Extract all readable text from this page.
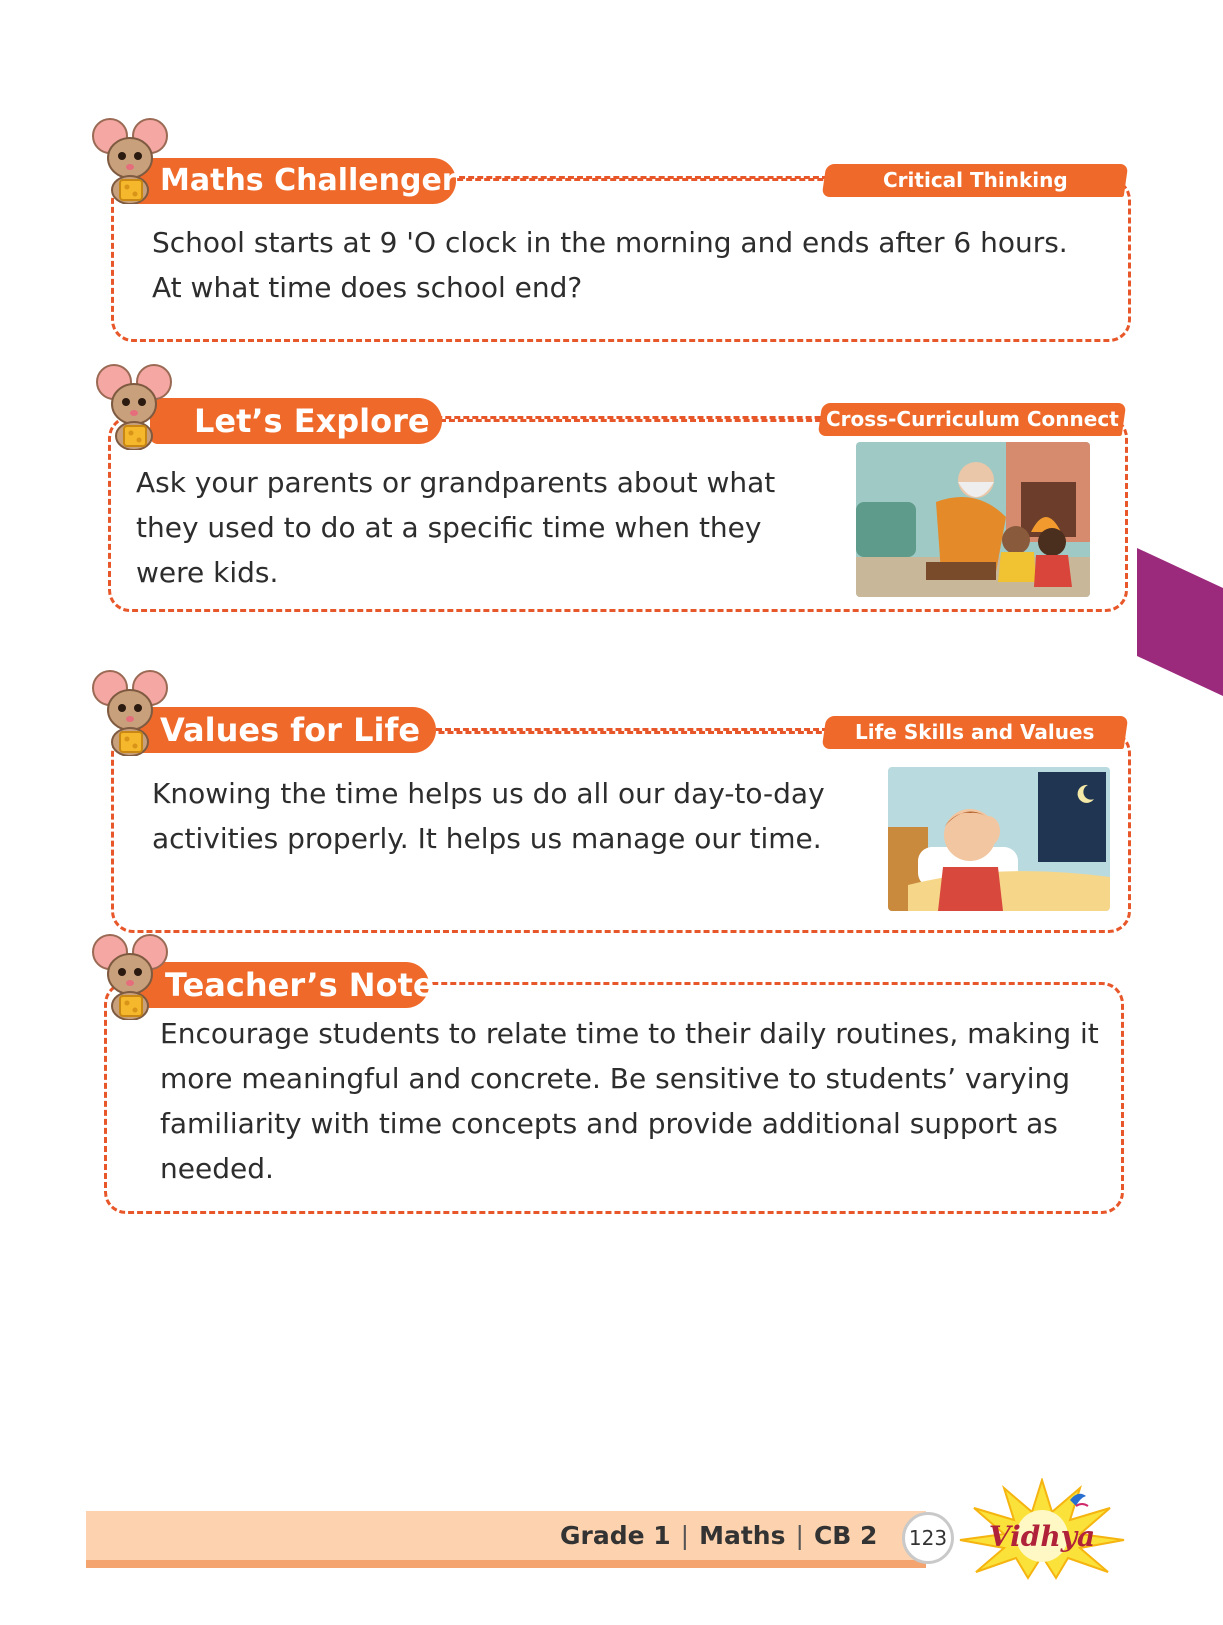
Maths Challenger	Critical Thinking
School starts at 9 'O clock in the morning and ends after 6 hours.
At what time does school end?
Let’s Explore	Cross-Curriculum Connect
Ask your parents or grandparents about what
they used to do at a specific time when they
were kids.
Values for Life	Life Skills and Values
Knowing the time helps us do all our day-to-day
activities properly. It helps us manage our time.
Teacher’s Note
Encourage students to relate time to their daily routines, making it
more meaningful and concrete. Be sensitive to students’ varying
familiarity with time concepts and provide additional support as
needed.
Grade 1 | Maths | CB 2	123 Vidhya
